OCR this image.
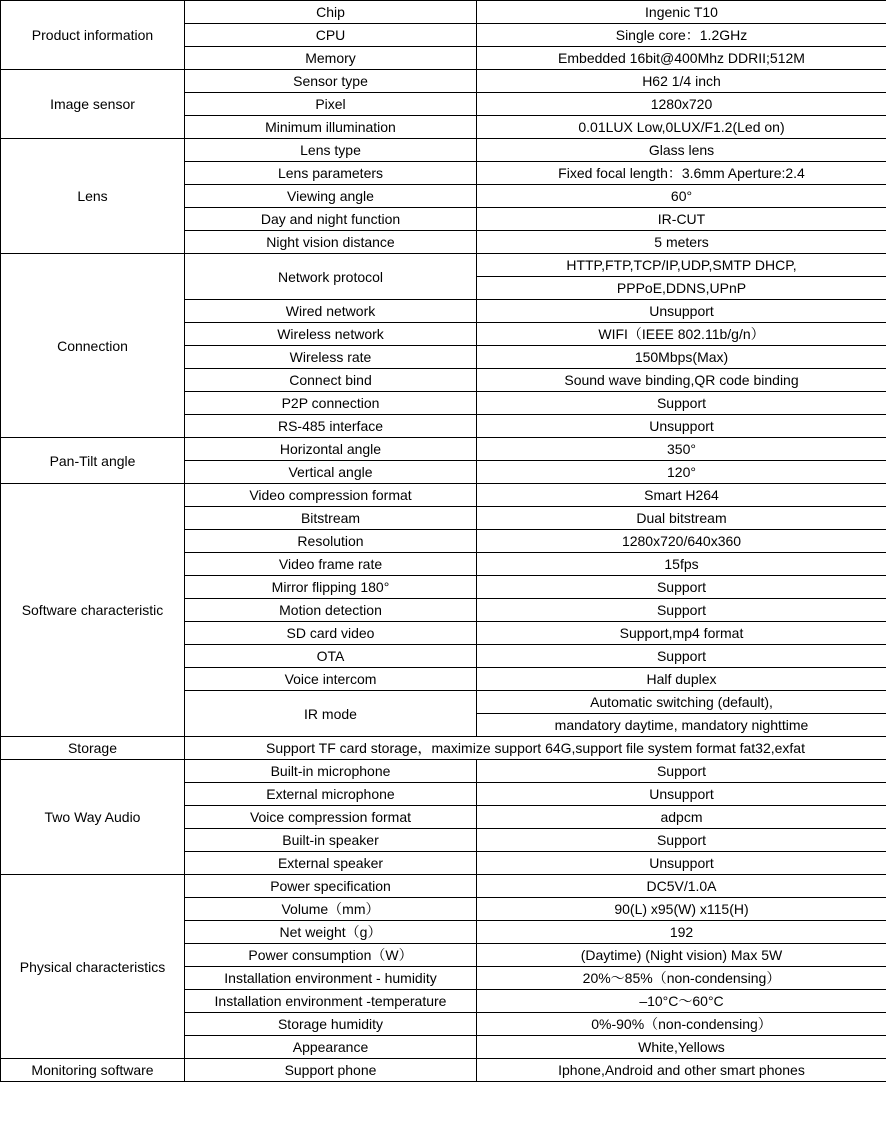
Product information	Chip	Ingenic T10
	CPU	Single core：1.2GHz
	Memory	Embedded 16bit@400Mhz DDRII;512M
Image sensor	Sensor type	H62 1/4 inch
	Pixel	1280x720
	Minimum illumination	0.01LUX Low,0LUX/F1.2(Led on)
Lens	Lens type	Glass lens
	Lens parameters	Fixed focal length：3.6mm Aperture:2.4
	Viewing angle	60°
	Day and night function	IR-CUT
	Night vision distance	5 meters
Connection	Network protocol	HTTP,FTP,TCP/IP,UDP,SMTP DHCP,
		PPPoE,DDNS,UPnP
	Wired network	Unsupport
	Wireless network	WIFI（IEEE 802.11b/g/n）
	Wireless rate	150Mbps(Max)
	Connect bind	Sound wave binding,QR code binding
	P2P connection	Support
	RS-485 interface	Unsupport
Pan-Tilt angle	Horizontal angle	350°
	Vertical angle	120°
Software characteristic	Video compression format	Smart H264
	Bitstream	Dual bitstream
	Resolution	1280x720/640x360
	Video frame rate	15fps
	Mirror flipping 180°	Support
	Motion detection	Support
	SD card video	Support,mp4 format
	OTA	Support
	Voice intercom	Half duplex
	IR mode	Automatic switching (default),
		mandatory daytime, mandatory nighttime
Storage	Support TF card storage，maximize support 64G,support file system format fat32,exfat	
Two Way Audio	Built-in microphone	Support
	External microphone	Unsupport
	Voice compression format	adpcm
	Built-in speaker	Support
	External speaker	Unsupport
Physical characteristics	Power specification	DC5V/1.0A
	Volume（mm）	90(L) x95(W) x115(H)
	Net weight（g）	192
	Power consumption（W）	(Daytime) (Night vision) Max 5W
	Installation environment - humidity	20%～85%（non-condensing）
	Installation environment -temperature	–10°C～60°C
	Storage humidity	0%-90%（non-condensing）
	Appearance	White,Yellows
Monitoring software	Support phone	Iphone,Android and other smart phones
